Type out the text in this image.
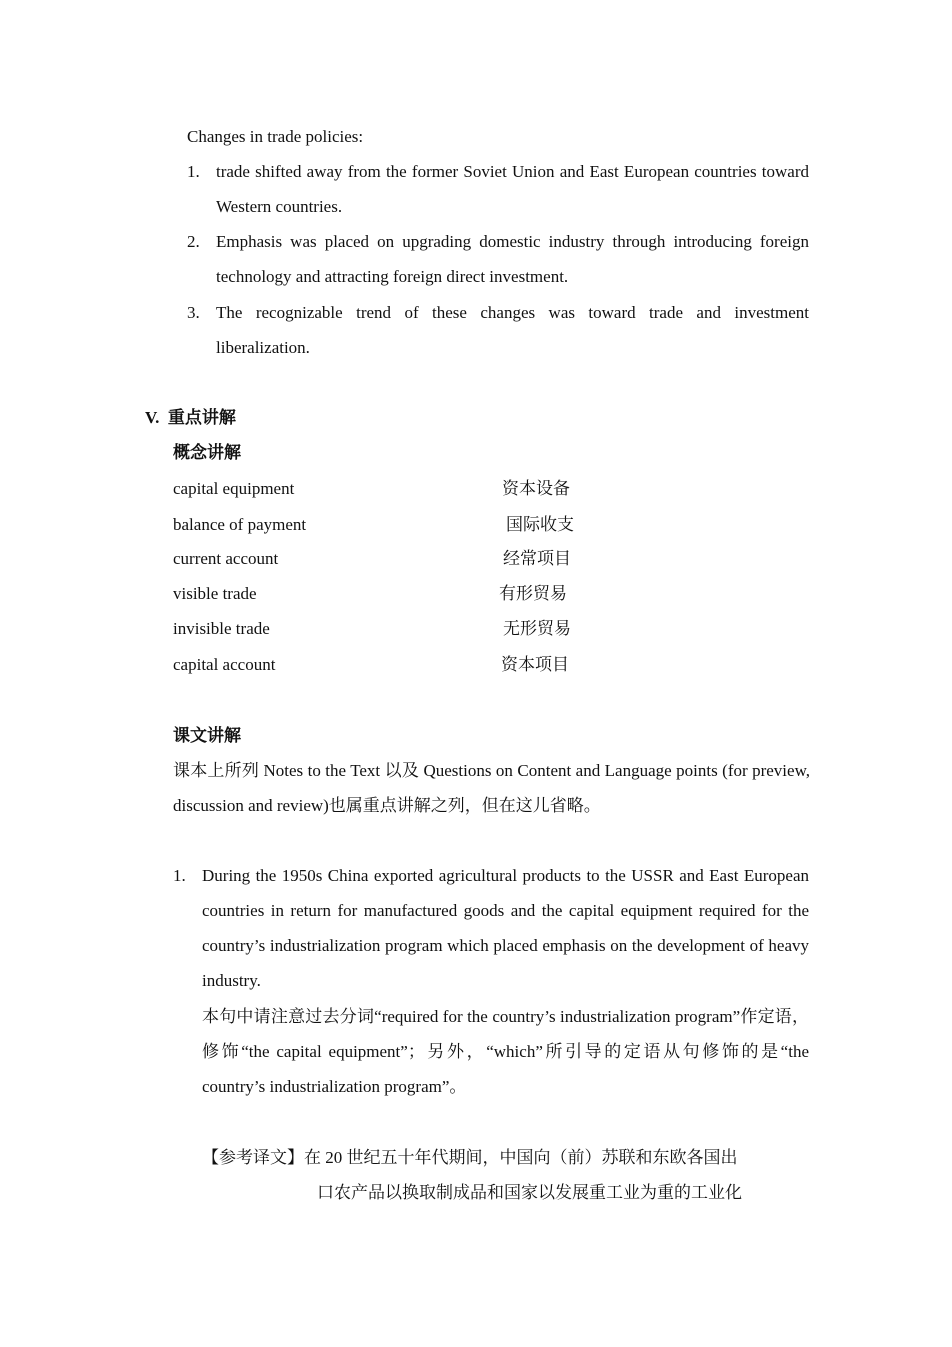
Changes in trade policies:
1. trade shifted away from the former Soviet Union and East European countries toward Western countries.
2. Emphasis was placed on upgrading domestic industry through introducing foreign technology and attracting foreign direct investment.
3. The recognizable trend of these changes was toward trade and investment liberalization.
V.  重点讲解
概念讲解
capital equipment	资本设备
balance of payment	国际收支
current account	经常项目
visible trade	有形贸易
invisible trade	无形贸易
capital account	资本项目
课文讲解
课本上所列 Notes to the Text 以及 Questions on Content and Language points (for preview, discussion and review)也属重点讲解之列，但在这儿省略。
1. During the 1950s China exported agricultural products to the USSR and East European countries in return for manufactured goods and the capital equipment required for the country’s industrialization program which placed emphasis on the development of heavy industry.
本句中请注意过去分词“required for the country’s industrialization program”作定语，修饰“the capital equipment”；另外，“which”所引导的定语从句修饰的是“the country’s industrialization program”。
【参考译文】在 20 世纪五十年代期间，中国向（前）苏联和东欧各国出
口农产品以换取制成品和国家以发展重工业为重的工业化
